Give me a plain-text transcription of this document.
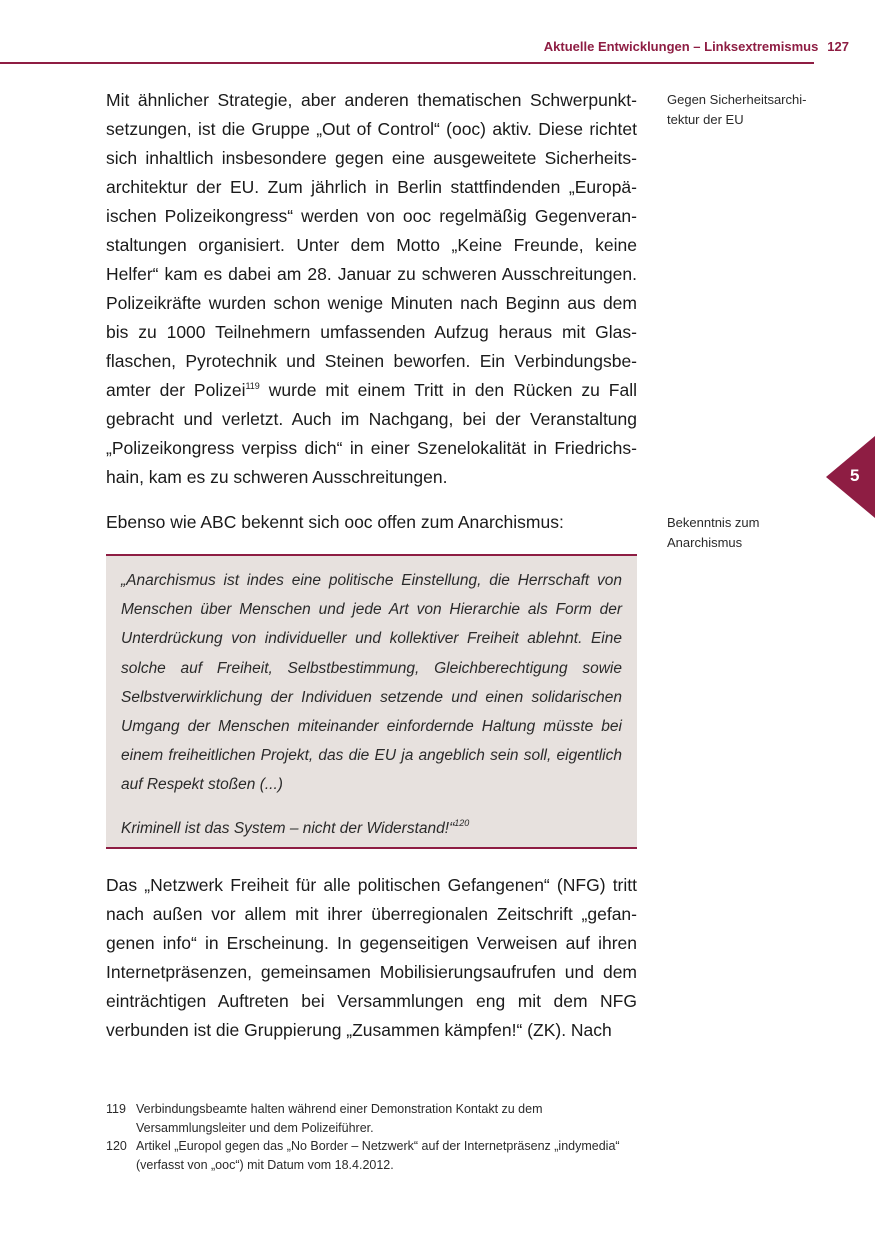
Aktuelle Entwicklungen – Linksextremismus 127

Mit ähnlicher Strategie, aber anderen thematischen Schwerpunktsetzungen, ist die Gruppe „Out of Control“ (ooc) aktiv. Diese richtet sich inhaltlich insbesondere gegen eine ausgeweitete Sicherheitsarchitektur der EU. Zum jährlich in Berlin stattfindenden „Europäischen Polizeikongress“ werden von ooc regelmäßig Gegenveranstaltungen organisiert. Unter dem Motto „Keine Freunde, keine Helfer“ kam es dabei am 28. Januar zu schweren Ausschreitungen. Polizeikräfte wurden schon wenige Minuten nach Beginn aus dem bis zu 1000 Teilnehmern umfassenden Aufzug heraus mit Glasflaschen, Pyrotechnik und Steinen beworfen. Ein Verbindungsbeamter der Polizei$^{119}$ wurde mit einem Tritt in den Rücken zu Fall gebracht und verletzt. Auch im Nachgang, bei der Veranstaltung „Polizeikongress verpiss dich“ in einer Szenelokalität in Friedrichshain, kam es zu schweren Ausschreitungen.

Gegen Sicherheitsarchi-
tektur der EU
5

Ebenso wie ABC bekennt sich ooc offen zum Anarchismus:	Bekenntnis zum
Anarchismus

„Anarchismus ist indes eine politische Einstellung, die Herrschaft von Menschen über Menschen und jede Art von Hierarchie als Form der Unterdrückung von individueller und kollektiver Freiheit ablehnt. Eine solche auf Freiheit, Selbstbestimmung, Gleichberechtigung sowie Selbstverwirklichung der Individuen setzende und einen solidarischen Umgang der Menschen miteinander einfordernde Haltung müsste bei einem freiheitlichen Projekt, das die EU ja angeblich sein soll, eigentlich auf Respekt stoßen (...)

Kriminell ist das System – nicht der Widerstand!“$^{120}$

Das „Netzwerk Freiheit für alle politischen Gefangenen“ (NFG) tritt nach außen vor allem mit ihrer überregionalen Zeitschrift „gefangenen info“ in Erscheinung. In gegenseitigen Verweisen auf ihren Internetpräsenzen, gemeinsamen Mobilisierungsaufrufen und dem einträchtigen Auftreten bei Versammlungen eng mit dem NFG verbunden ist die Gruppierung „Zusammen kämpfen!“ (ZK). Nach

119 Verbindungsbeamte halten während einer Demonstration Kontakt zu dem Versammlungsleiter und dem Polizeiführer.
120 Artikel „Europol gegen das „No Border – Netzwerk“ auf der Internetpräsenz „indymedia“ (verfasst von „ooc“) mit Datum vom 18.4.2012.
